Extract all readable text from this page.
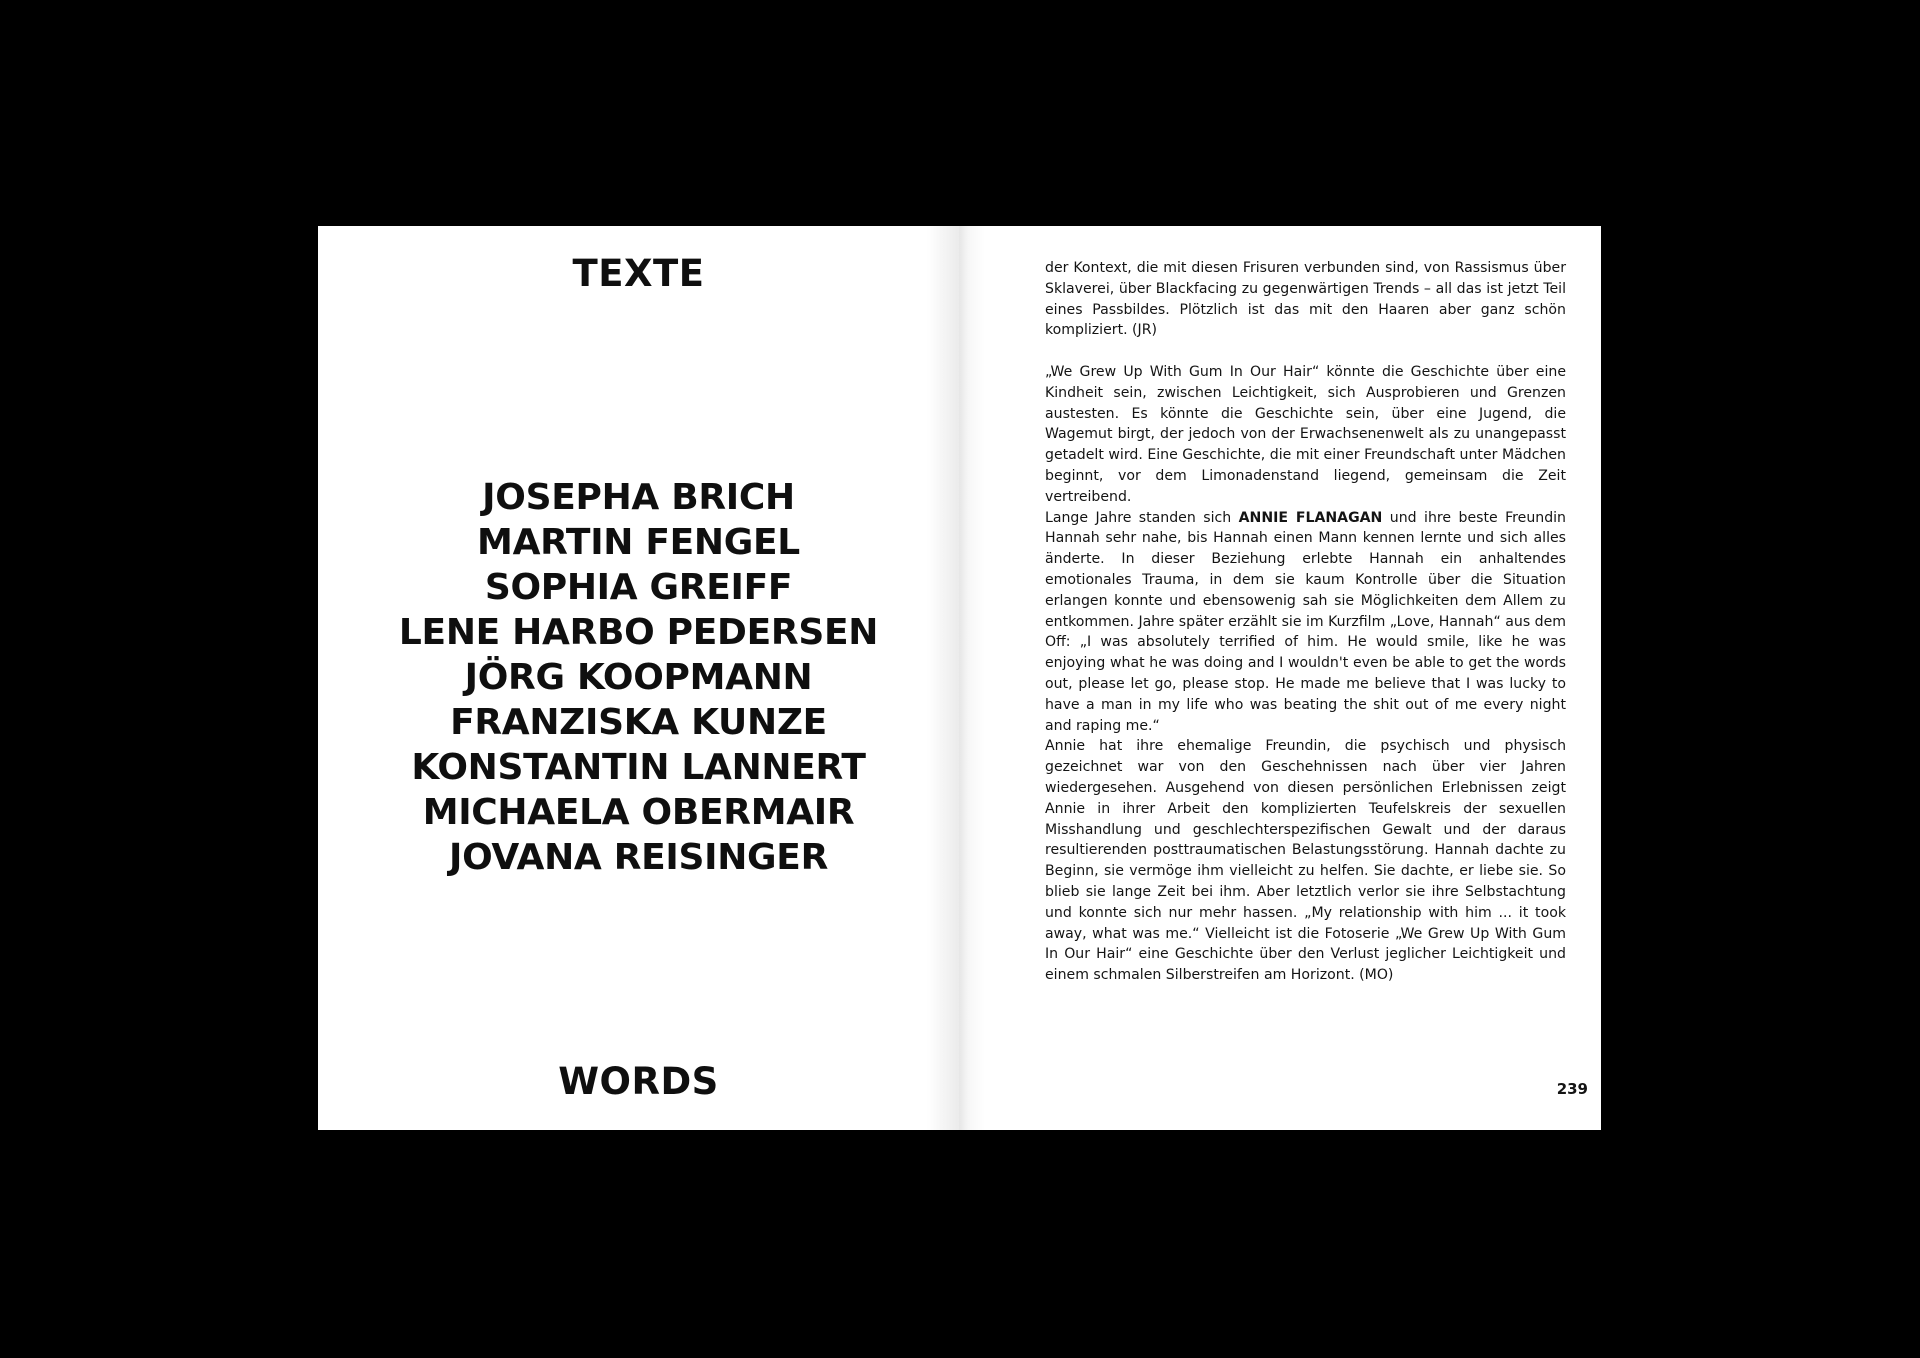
TEXTE
JOSEPHA BRICH
MARTIN FENGEL
SOPHIA GREIFF
LENE HARBO PEDERSEN
JÖRG KOOPMANN
FRANZISKA KUNZE
KONSTANTIN LANNERT
MICHAELA OBERMAIR
JOVANA REISINGER
WORDS

der Kontext, die mit diesen Frisuren verbunden sind, von Rassismus über Sklaverei, über Blackfacing zu gegenwärtigen Trends – all das ist jetzt Teil eines Passbildes. Plötzlich ist das mit den Haaren aber ganz schön kompliziert. (JR)

„We Grew Up With Gum In Our Hair“ könnte die Geschichte über eine Kindheit sein, zwischen Leichtigkeit, sich Ausprobieren und Grenzen austesten. Es könnte die Geschichte sein, über eine Jugend, die Wagemut birgt, der jedoch von der Erwachsenenwelt als zu unangepasst getadelt wird. Eine Geschichte, die mit einer Freundschaft unter Mädchen beginnt, vor dem Limonadenstand liegend, gemeinsam die Zeit vertreibend.

Lange Jahre standen sich ANNIE FLANAGAN und ihre beste Freundin Hannah sehr nahe, bis Hannah einen Mann kennen lernte und sich alles änderte. In dieser Beziehung erlebte Hannah ein anhaltendes emotionales Trauma, in dem sie kaum Kontrolle über die Situation erlangen konnte und ebensowenig sah sie Möglichkeiten dem Allem zu entkommen. Jahre später erzählt sie im Kurzfilm „Love, Hannah“ aus dem Off: „I was absolutely terrified of him. He would smile, like he was enjoying what he was doing and I wouldn't even be able to get the words out, please let go, please stop. He made me believe that I was lucky to have a man in my life who was beating the shit out of me every night and raping me.“

Annie hat ihre ehemalige Freundin, die psychisch und physisch gezeichnet war von den Geschehnissen nach über vier Jahren wiedergesehen. Ausgehend von diesen persönlichen Erlebnissen zeigt Annie in ihrer Arbeit den komplizierten Teufelskreis der sexuellen Misshandlung und geschlechterspezifischen Gewalt und der daraus resultierenden posttraumatischen Belastungsstörung. Hannah dachte zu Beginn, sie vermöge ihm vielleicht zu helfen. Sie dachte, er liebe sie. So blieb sie lange Zeit bei ihm. Aber letztlich verlor sie ihre Selbstachtung und konnte sich nur mehr hassen. „My relationship with him ... it took away, what was me.“ Vielleicht ist die Fotoserie „We Grew Up With Gum In Our Hair“ eine Geschichte über den Verlust jeglicher Leichtigkeit und einem schmalen Silberstreifen am Horizont. (MO)

239
